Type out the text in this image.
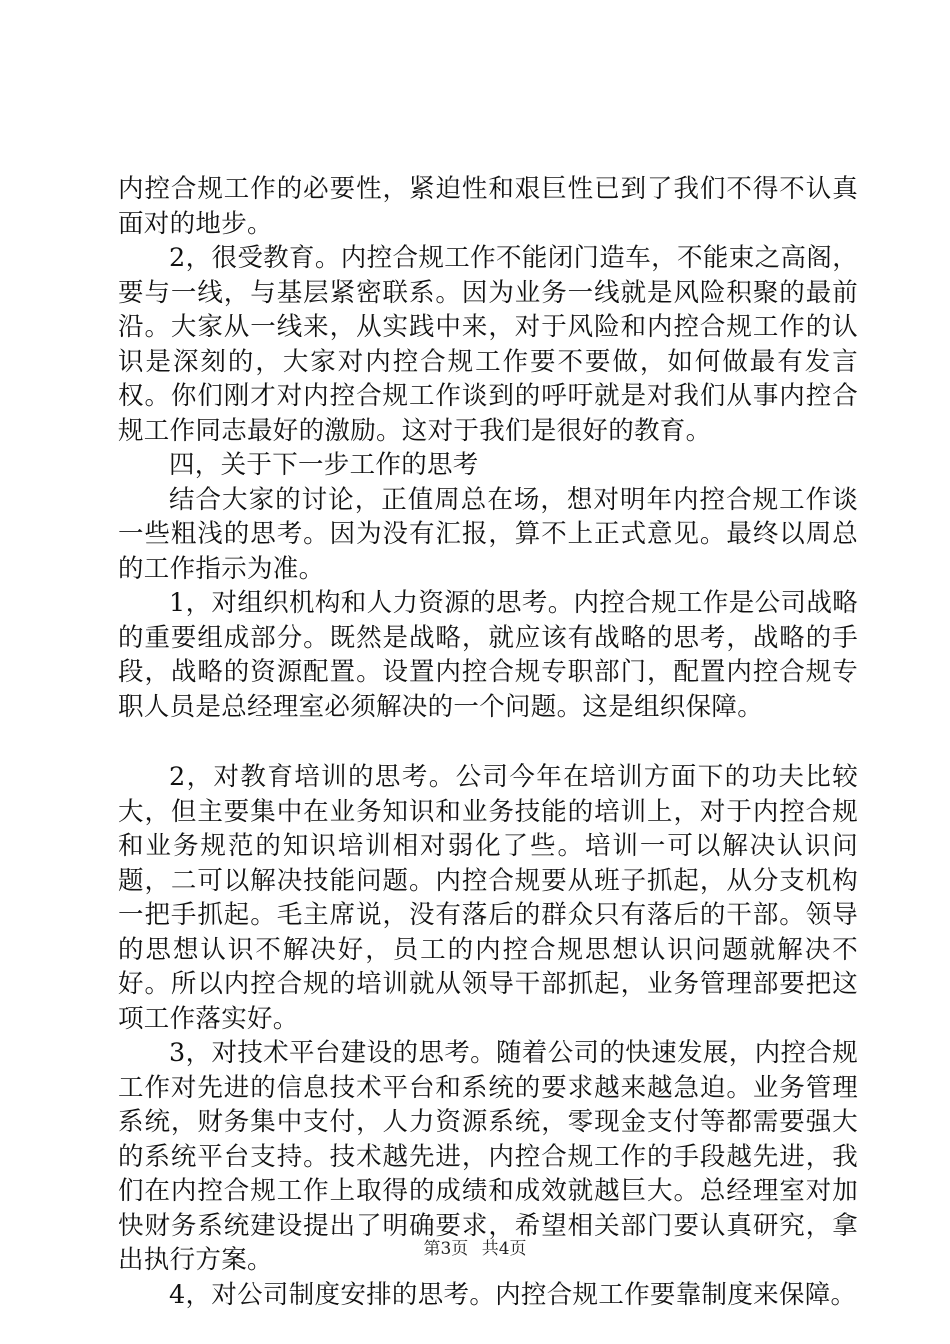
内控合规工作的必要性，紧迫性和艰巨性已到了我们不得不认真面对的地步。

2，很受教育。内控合规工作不能闭门造车，不能束之高阁，要与一线，与基层紧密联系。因为业务一线就是风险积聚的最前沿。大家从一线来，从实践中来，对于风险和内控合规工作的认识是深刻的，大家对内控合规工作要不要做，如何做最有发言权。你们刚才对内控合规工作谈到的呼吁就是对我们从事内控合规工作同志最好的激励。这对于我们是很好的教育。

四，关于下一步工作的思考

结合大家的讨论，正值周总在场，想对明年内控合规工作谈一些粗浅的思考。因为没有汇报，算不上正式意见。最终以周总的工作指示为准。

1，对组织机构和人力资源的思考。内控合规工作是公司战略的重要组成部分。既然是战略，就应该有战略的思考，战略的手段，战略的资源配置。设置内控合规专职部门，配置内控合规专职人员是总经理室必须解决的一个问题。这是组织保障。

2，对教育培训的思考。公司今年在培训方面下的功夫比较大，但主要集中在业务知识和业务技能的培训上，对于内控合规和业务规范的知识培训相对弱化了些。培训一可以解决认识问题，二可以解决技能问题。内控合规要从班子抓起，从分支机构一把手抓起。毛主席说，没有落后的群众只有落后的干部。领导的思想认识不解决好，员工的内控合规思想认识问题就解决不好。所以内控合规的培训就从领导干部抓起，业务管理部要把这项工作落实好。

3，对技术平台建设的思考。随着公司的快速发展，内控合规工作对先进的信息技术平台和系统的要求越来越急迫。业务管理系统，财务集中支付，人力资源系统，零现金支付等都需要强大的系统平台支持。技术越先进，内控合规工作的手段越先进，我们在内控合规工作上取得的成绩和成效就越巨大。总经理室对加快财务系统建设提出了明确要求，希望相关部门要认真研究，拿出执行方案。

4，对公司制度安排的思考。内控合规工作要靠制度来保障。

第3页 共4页
